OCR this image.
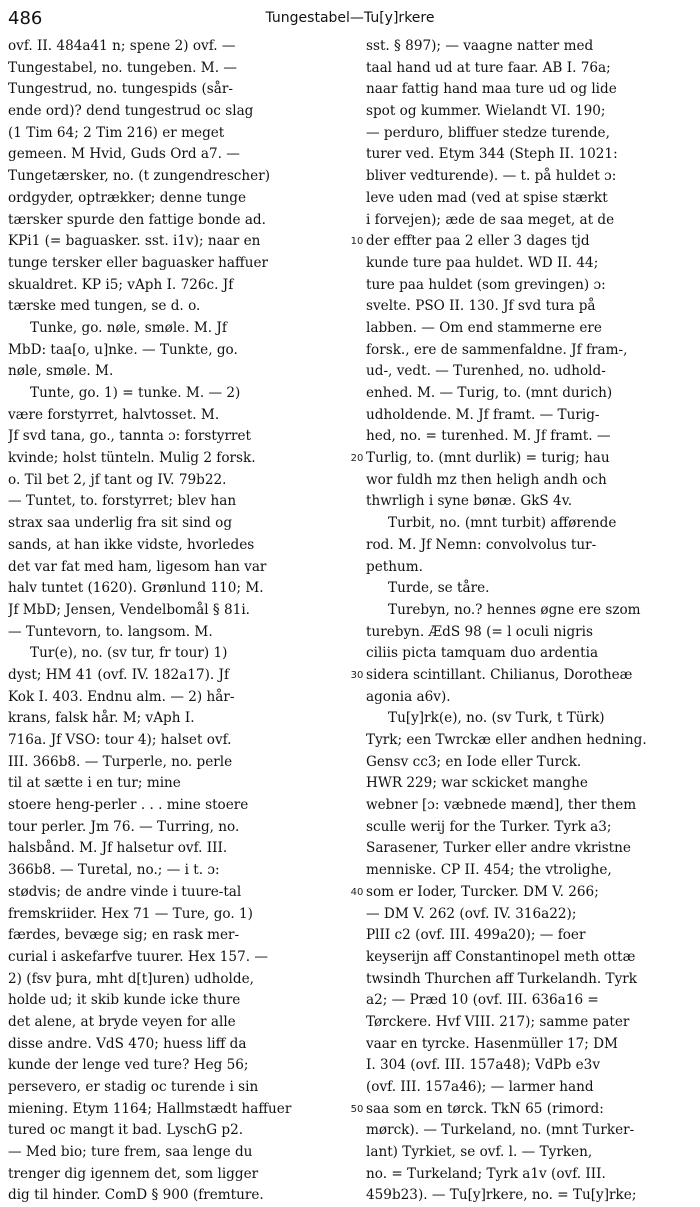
486	Tungestabel—Tu[y]rkere
ovf. II. 484a41 n; spene 2) ovf. —
Tungestabel, no. tungeben. M. —
Tungestrud, no. tungespids (sår-
ende ord)? dend tungestrud oc slag
(1 Tim 64; 2 Tim 216) er meget
gemeen. M Hvid, Guds Ord a7. —
Tungetærsker, no. (t zungendrescher)
ordgyder, optrækker; denne tunge
tærsker spurde den fattige bonde ad.
KPi1 (= baguasker. sst. i1v); naar en
tunge tersker eller baguasker haffuer
skualdret. KP i5; vAph I. 726c. Jf
tærske med tungen, se d. o.
Tunke, go. nøle, smøle. M. Jf
MbD: taa[o, u]nke. — Tunkte, go.
nøle, smøle. M.
Tunte, go. 1) = tunke. M. — 2)
være forstyrret, halvtosset. M.
Jf svd tana, go., tannta ɔ: forstyrret
kvinde; holst tünteln. Mulig 2 forsk.
o. Til bet 2, jf tant og IV. 79b22.
— Tuntet, to. forstyrret; blev han
strax saa underlig fra sit sind og
sands, at han ikke vidste, hvorledes
det var fat med ham, ligesom han var
halv tuntet (1620). Grønlund 110; M.
Jf MbD; Jensen, Vendelbomål § 81i.
— Tuntevorn, to. langsom. M.
Tur(e), no. (sv tur, fr tour) 1)
dyst; HM 41 (ovf. IV. 182a17). Jf
Kok I. 403. Endnu alm. — 2) hår-
krans, falsk hår. M; vAph I.
716a. Jf VSO: tour 4); halset ovf.
III. 366b8. — Turperle, no. perle
til at sætte i en tur; mine
stoere heng-perler . . . mine stoere
tour perler. Jm 76. — Turring, no.
halsbånd. M. Jf halsetur ovf. III.
366b8. — Turetal, no.; — i t. ɔ:
stødvis; de andre vinde i tuure-tal
fremskriider. Hex 71 — Ture, go. 1)
færdes, bevæge sig; en rask mer-
curial i askefarfve tuurer. Hex 157. —
2) (fsv þura, mht d[t]uren) udholde,
holde ud; it skib kunde icke thure
det alene, at bryde veyen for alle
disse andre. VdS 470; huess liff da
kunde der lenge ved ture? Heg 56;
persevero, er stadig oc turende i sin
miening. Etym 1164; Hallmstædt haffuer
tured oc mangt it bad. LyschG p2.
— Med bio; ture frem, saa lenge du
trenger dig igennem det, som ligger
dig til hinder. ComD § 900 (fremture.
10
20
30
40
50
sst. § 897); — vaagne natter med
taal hand ud at ture faar. AB I. 76a;
naar fattig hand maa ture ud og lide
spot og kummer. Wielandt VI. 190;
— perduro, bliffuer stedze turende,
turer ved. Etym 344 (Steph II. 1021:
bliver vedturende). — t. på huldet ɔ:
leve uden mad (ved at spise stærkt
i forvejen); æde de saa meget, at de
der effter paa 2 eller 3 dages tjd
kunde ture paa huldet. WD II. 44;
ture paa huldet (som grevingen) ɔ:
svelte. PSO II. 130. Jf svd tura på
labben. — Om end stammerne ere
forsk., ere de sammenfaldne. Jf fram-,
ud-, vedt. — Turenhed, no. udhold-
enhed. M. — Turig, to. (mnt durich)
udholdende. M. Jf framt. — Turig-
hed, no. = turenhed. M. Jf framt. —
Turlig, to. (mnt durlik) = turig; hau
wor fuldh mz then heligh andh och
thwrligh i syne bønæ. GkS 4v.
Turbit, no. (mnt turbit) afførende
rod. M. Jf Nemn: convolvolus tur-
pethum.
Turde, se tåre.
Turebyn, no.? hennes øgne ere szom
turebyn. ÆdS 98 (= l oculi nigris
ciliis picta tamquam duo ardentia
sidera scintillant. Chilianus, Dorotheæ
agonia a6v).
Tu[y]rk(e), no. (sv Turk, t Türk)
Tyrk; een Twrckæ eller andhen hedning.
Gensv cc3; en Iode eller Turck.
HWR 229; war sckicket manghe
webner [ɔ: væbnede mænd], ther them
sculle werij for the Turker. Tyrk a3;
Sarasener, Turker eller andre vkristne
menniske. CP II. 454; the vtrolighe,
som er Ioder, Turcker. DM V. 266;
— DM V. 262 (ovf. IV. 316a22);
PlII c2 (ovf. III. 499a20); — foer
keyserijn aff Constantinopel meth ottæ
twsindh Thurchen aff Turkelandh. Tyrk
a2; — Præd 10 (ovf. III. 636a16 =
Tørckere. Hvf VIII. 217); samme pater
vaar en tyrcke. Hasenmüller 17; DM
I. 304 (ovf. III. 157a48); VdPb e3v
(ovf. III. 157a46); — larmer hand
saa som en tørck. TkN 65 (rimord:
mørck). — Turkeland, no. (mnt Turker-
lant) Tyrkiet, se ovf. l. — Tyrken,
no. = Turkeland; Tyrk a1v (ovf. III.
459b23). — Tu[y]rkere, no. = Tu[y]rke;
